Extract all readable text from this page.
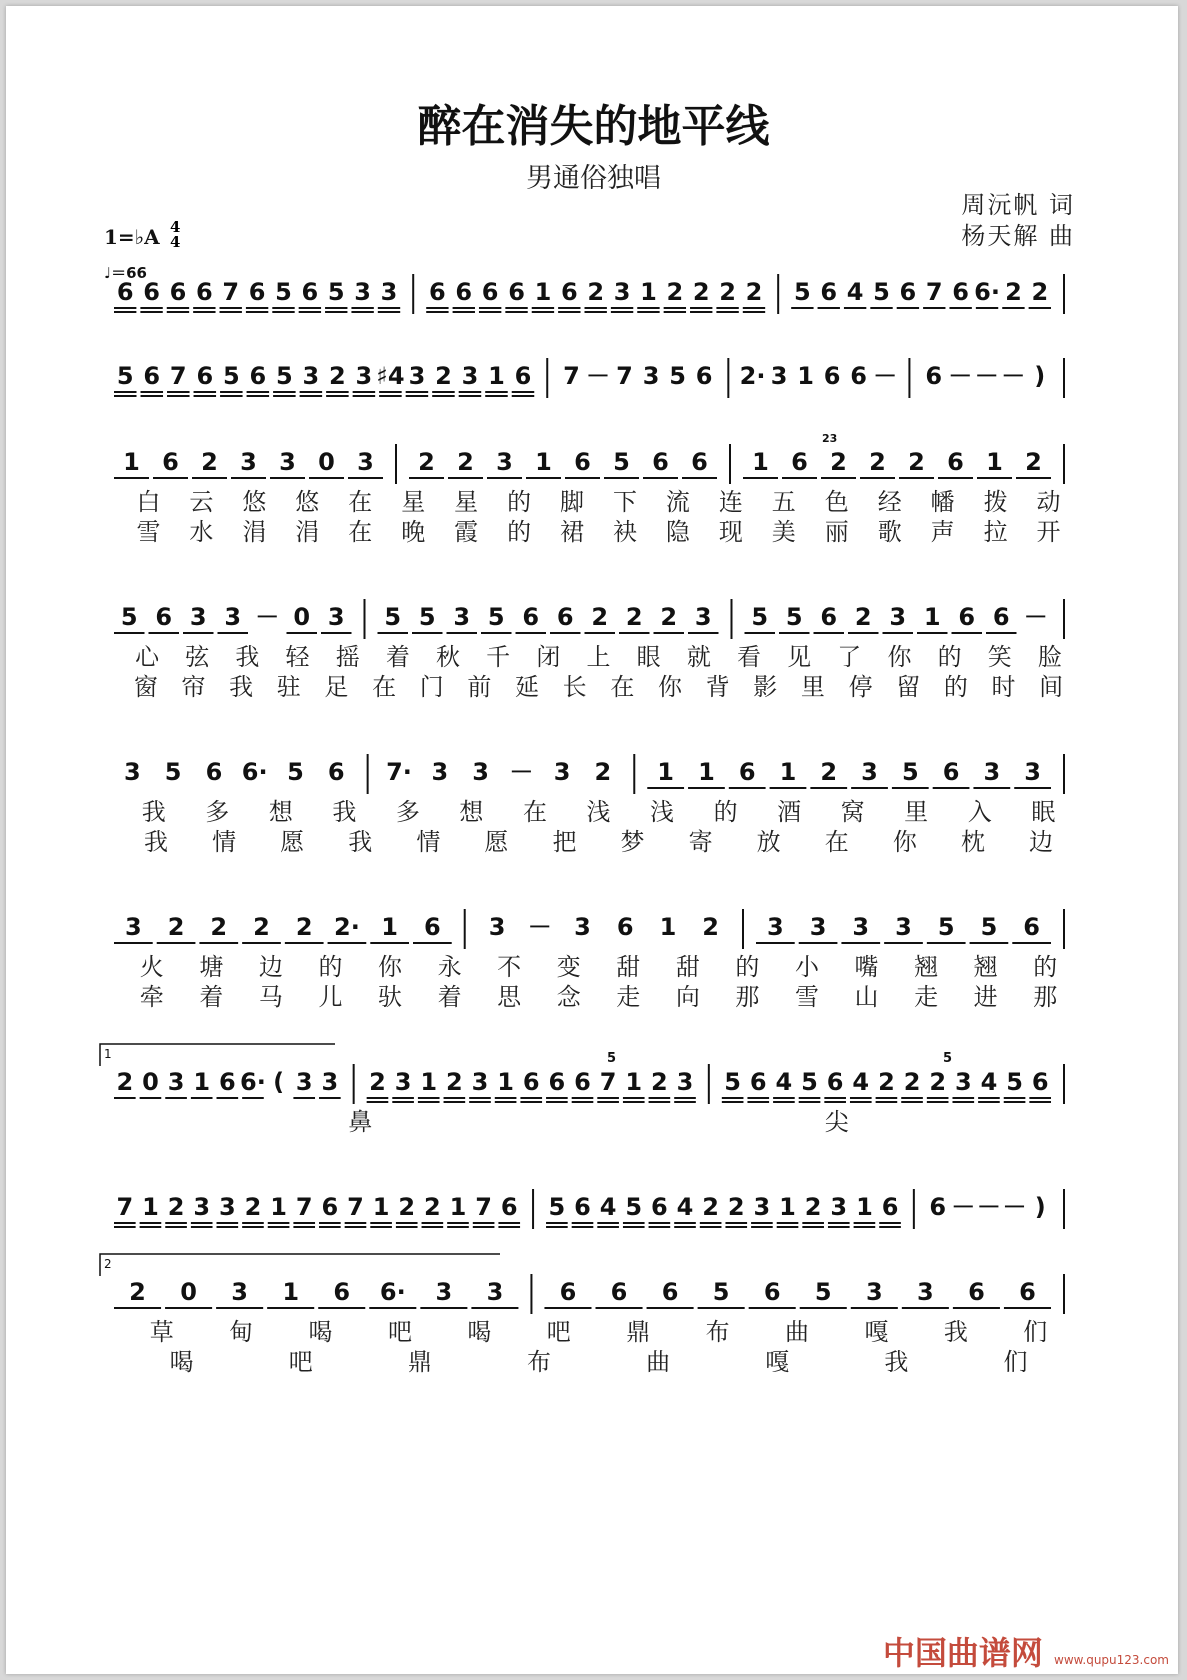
醉在消失的地平线
男通俗独唱
周沅帆 词
杨天解 曲
1=♭A 4
4
♩＝66
6 6 6 6 7 6 5 6 5 3 3 6 6 6 6 1 6 2 3 1 2 2 2 2 5 6 4 5 6 7 6 6· 2 2
5 6 7 6 5 6 5 3 2 3 ♯4 3 2 3 1 6 7 － 7 3 5 6 2· 3 1 6 6 － 6 － － － )
1 6 2 3 3 0 3 2 2 3 1 6 5 6 6 1 6 2 2 2 6 1 2
白 云 悠 悠 在 星 星 的 脚 下 流 连 五 色 经 幡 拨 动
雪 水 涓 涓 在 晚 霞 的 裙 袂 隐 现 美 丽 歌 声 拉 开
23
5 6 3 3 － 0 3 5 5 3 5 6 6 2 2 2 3 5 5 6 2 3 1 6 6 －
心 弦 我 轻 摇 着 秋 千 闭 上 眼 就 看 见 了 你 的 笑 脸
窗 帘 我 驻 足 在 门 前 延 长 在 你 背 影 里 停 留 的 时 间
3 5 6 6· 5 6 7· 3 3 － 3 2 1 1 6 1 2 3 5 6 3 3
我 多 想 我 多 想 在 浅 浅 的 酒 窝 里 入 眠
我 情 愿 我 情 愿 把 梦 寄 放 在 你 枕 边
3 2 2 2 2 2· 1 6 3 － 3 6 1 2 3 3 3 3 5 5 6
火 塘 边 的 你 永 不 变 甜 甜 的 小 嘴 翘 翘 的
牵 着 马 儿 驮 着 思 念 走 向 那 雪 山 走 进 那
2 0 3 1 6 6· ( 3 3 2 3 1 2 3 1 6 6 6 7 1 2 3 5 6 4 5 6 4 2 2 2 3 4 5 6
鼻	尖
1	5	5
7 1 2 3 3 2 1 7 6 7 1 2 2 1 7 6 5 6 4 5 6 4 2 2 3 1 2 3 1 6 6 － － － )
2 0 3 1 6 6· 3 3 6 6 6 5 6 5 3 3 6 6
草 甸 喝 吧 喝 吧 鼎 布 曲 嘎 我 们
喝	吧	鼎	布	曲	嘎	我	们
2
中国曲谱网 www.qupu123.com
